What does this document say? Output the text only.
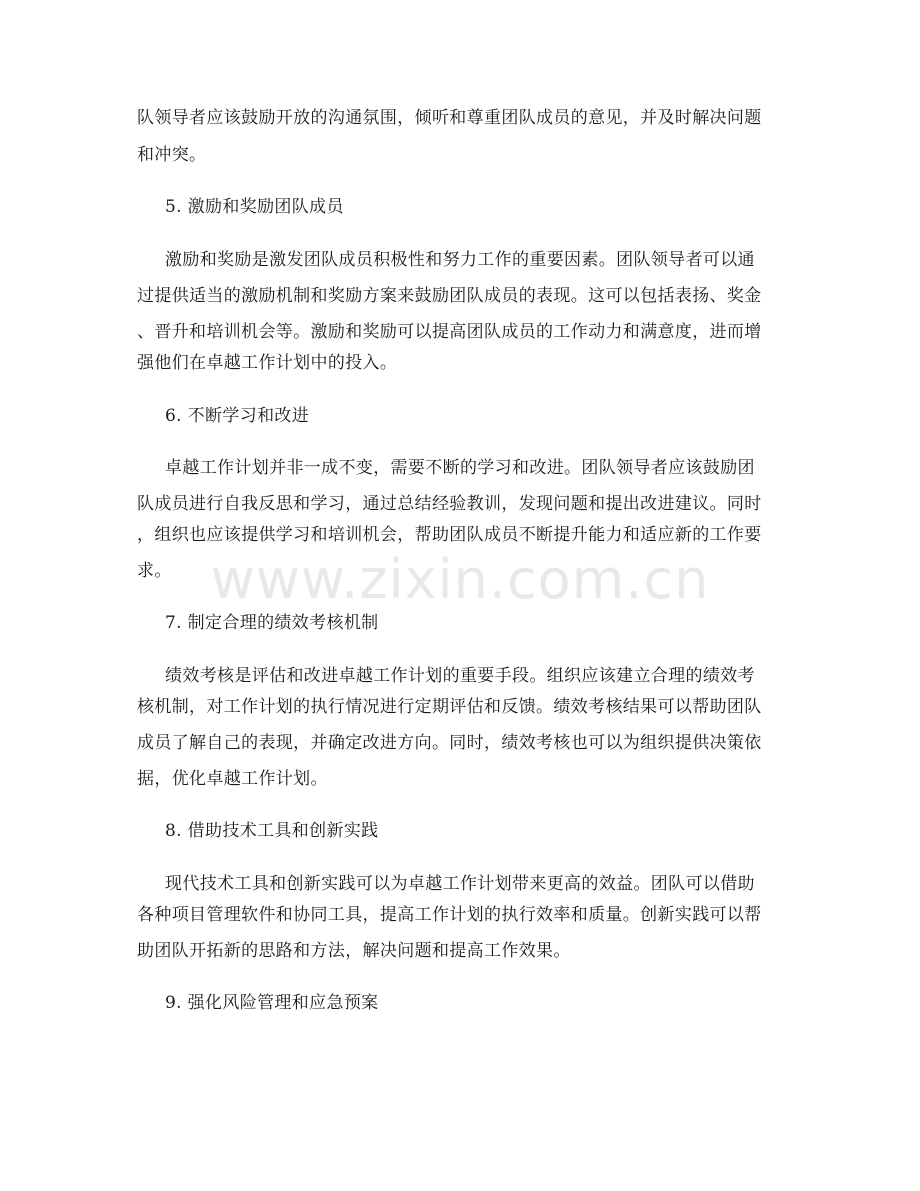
队领导者应该鼓励开放的沟通氛围，倾听和尊重团队成员的意见，并及时解决问题
和冲突。
5. 激励和奖励团队成员
激励和奖励是激发团队成员积极性和努力工作的重要因素。团队领导者可以通
过提供适当的激励机制和奖励方案来鼓励团队成员的表现。这可以包括表扬、奖金
、晋升和培训机会等。激励和奖励可以提高团队成员的工作动力和满意度，进而增
强他们在卓越工作计划中的投入。
6. 不断学习和改进
卓越工作计划并非一成不变，需要不断的学习和改进。团队领导者应该鼓励团
队成员进行自我反思和学习，通过总结经验教训，发现问题和提出改进建议。同时
，组织也应该提供学习和培训机会，帮助团队成员不断提升能力和适应新的工作要
求。
7. 制定合理的绩效考核机制
绩效考核是评估和改进卓越工作计划的重要手段。组织应该建立合理的绩效考
核机制，对工作计划的执行情况进行定期评估和反馈。绩效考核结果可以帮助团队
成员了解自己的表现，并确定改进方向。同时，绩效考核也可以为组织提供决策依
据，优化卓越工作计划。
8. 借助技术工具和创新实践
现代技术工具和创新实践可以为卓越工作计划带来更高的效益。团队可以借助
各种项目管理软件和协同工具，提高工作计划的执行效率和质量。创新实践可以帮
助团队开拓新的思路和方法，解决问题和提高工作效果。
9. 强化风险管理和应急预案
www.zixin.com.cn
